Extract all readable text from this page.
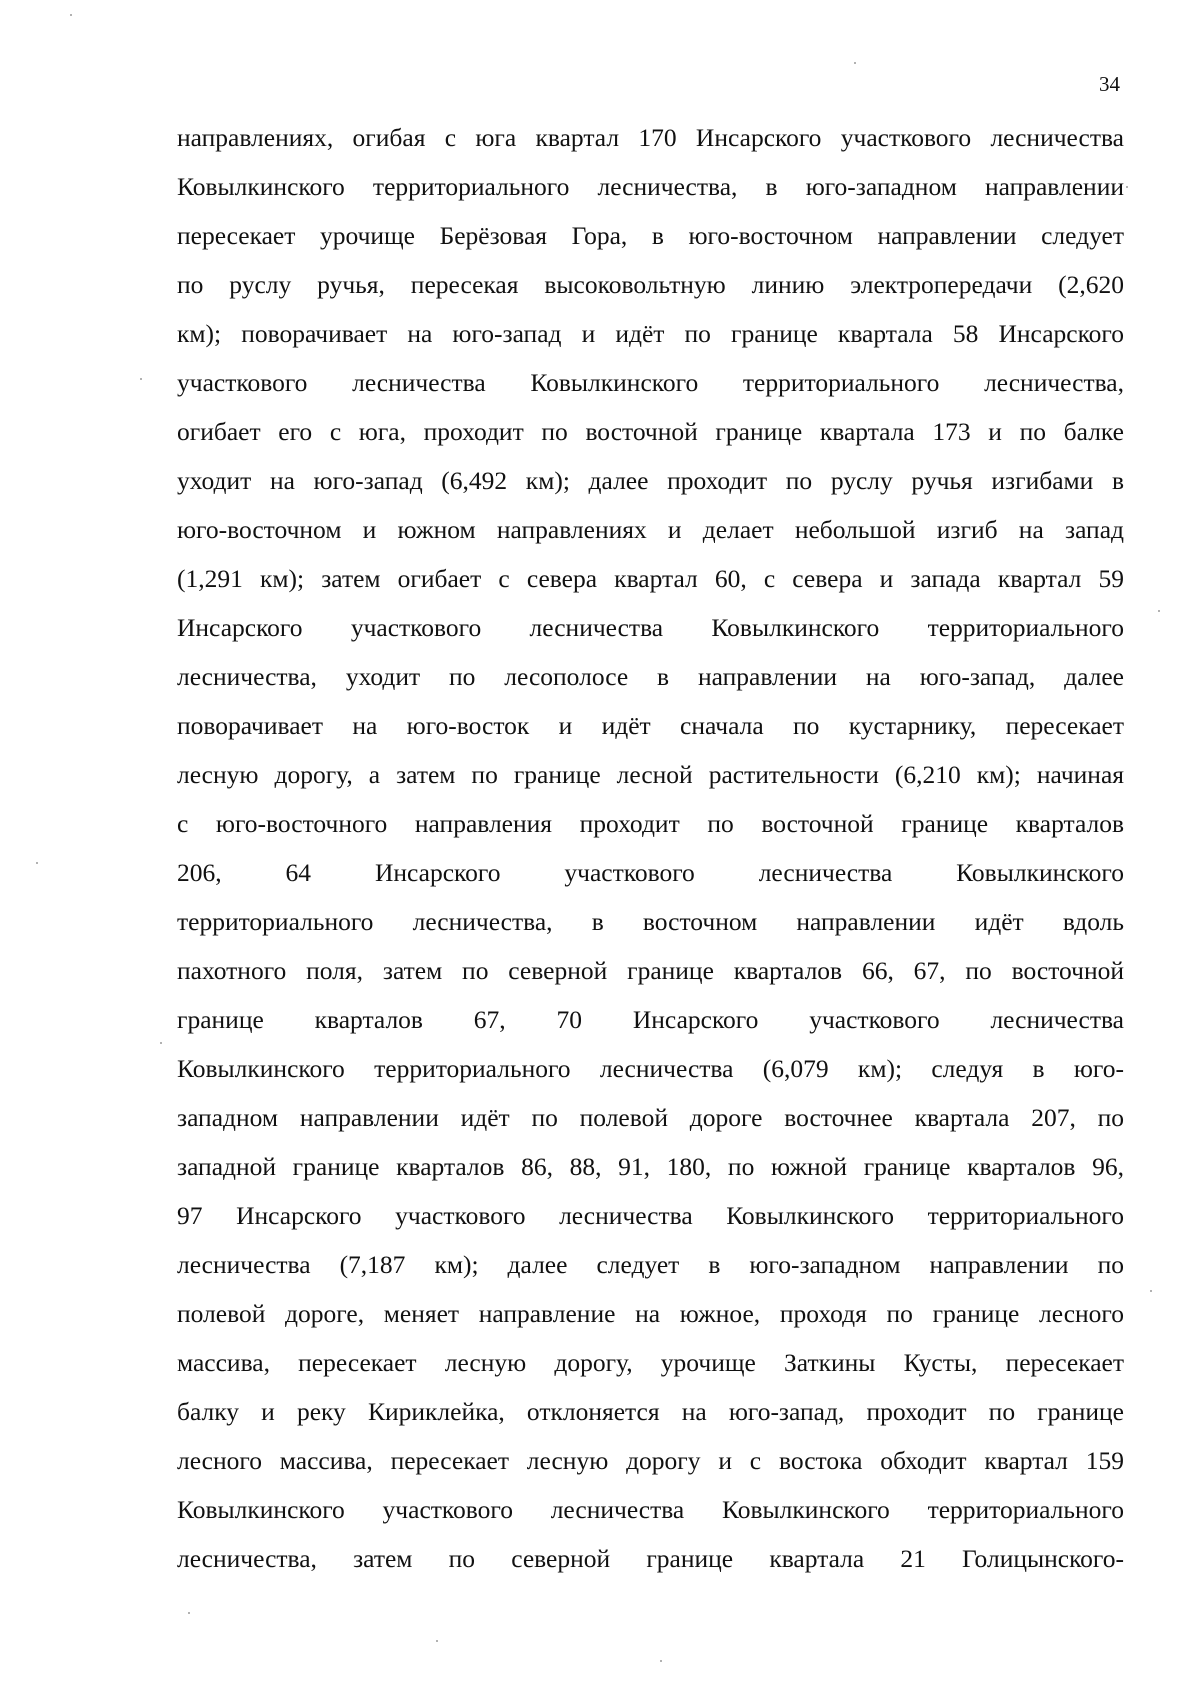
34
направлениях, огибая с юга квартал 170 Инсарского участкового лесничества
Ковылкинского территориального лесничества, в юго-западном направлении
пересекает урочище Берёзовая Гора, в юго-восточном направлении следует
по руслу ручья, пересекая высоковольтную линию электропередачи (2,620
км); поворачивает на юго-запад и идёт по границе квартала 58 Инсарского
участкового лесничества Ковылкинского территориального лесничества,
огибает его с юга, проходит по восточной границе квартала 173 и по балке
уходит на юго-запад (6,492 км); далее проходит по руслу ручья изгибами в
юго-восточном и южном направлениях и делает небольшой изгиб на запад
(1,291 км); затем огибает с севера квартал 60, с севера и запада квартал 59
Инсарского участкового лесничества Ковылкинского территориального
лесничества, уходит по лесополосе в направлении на юго-запад, далее
поворачивает на юго-восток и идёт сначала по кустарнику, пересекает
лесную дорогу, а затем по границе лесной растительности (6,210 км); начиная
с юго-восточного направления проходит по восточной границе кварталов
206, 64 Инсарского участкового лесничества Ковылкинского
территориального лесничества, в восточном направлении идёт вдоль
пахотного поля, затем по северной границе кварталов 66, 67, по восточной
границе кварталов 67, 70 Инсарского участкового лесничества
Ковылкинского территориального лесничества (6,079 км); следуя в юго-
западном направлении идёт по полевой дороге восточнее квартала 207, по
западной границе кварталов 86, 88, 91, 180, по южной границе кварталов 96,
97 Инсарского участкового лесничества Ковылкинского территориального
лесничества (7,187 км); далее следует в юго-западном направлении по
полевой дороге, меняет направление на южное, проходя по границе лесного
массива, пересекает лесную дорогу, урочище Заткины Кусты, пересекает
балку и реку Кириклейка, отклоняется на юго-запад, проходит по границе
лесного массива, пересекает лесную дорогу и с востока обходит квартал 159
Ковылкинского участкового лесничества Ковылкинского территориального
лесничества, затем по северной границе квартала 21 Голицынского-
